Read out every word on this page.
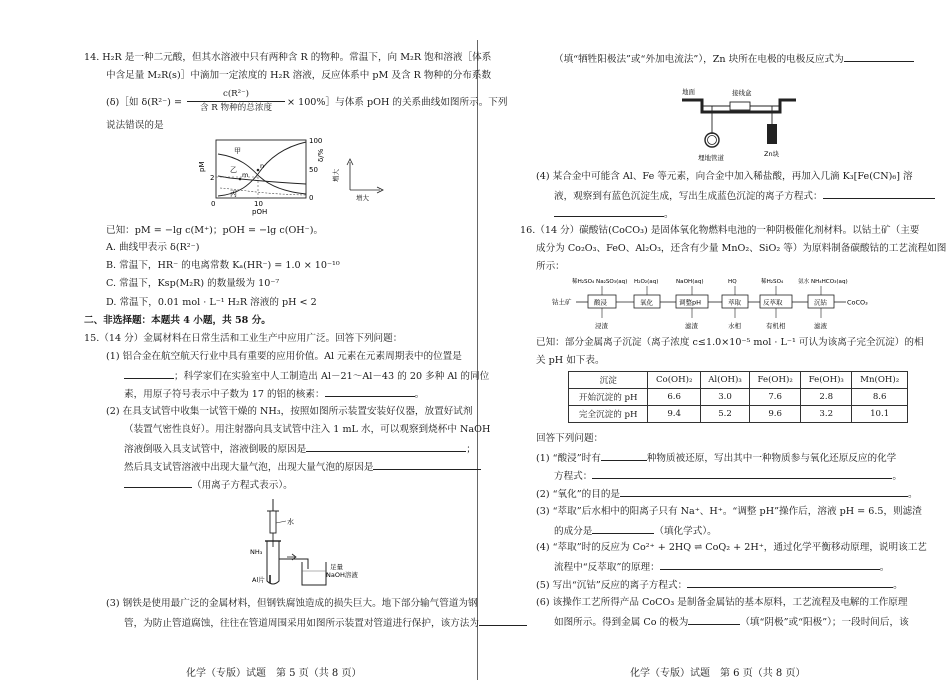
14. H₂R 是一种二元酸，但其水溶液中只有两种含 R 的物种。常温下，向 M₂R 饱和溶液［体系
中含足量 M₂R(s)］中滴加一定浓度的 H₂R 溶液，反应体系中 pM 及含 R 物种的分布系数
(δ)［如 δ(R²⁻) =
c(R²⁻)
含 R 物种的总浓度	× 100%］与体系 pOH 的关系曲线如图所示。下列
说法错误的是
100
50
0
2
0	10
pOH
pM
δ/%
甲
乙
丙
m
n
增大
增大
已知：pM = −lg c(M⁺)；pOH = −lg c(OH⁻)。
A. 曲线甲表示 δ(R²⁻)
B. 常温下，HR⁻ 的电离常数 Kₐ(HR⁻) = 1.0 × 10⁻¹⁰
C. 常温下，Ksp(M₂R) 的数量级为 10⁻⁷
D. 常温下，0.01 mol · L⁻¹ H₂R 溶液的 pH < 2
二、非选择题：本题共 4 小题，共 58 分。
15.（14 分）金属材料在日常生活和工业生产中应用广泛。回答下列问题：
(1) 铝合金在航空航天行业中具有重要的应用价值。Al 元素在元素周期表中的位置是
；科学家们在实验室中人工制造出 Al－21～Al－43 的 20 多种 Al 的同位
素，用原子符号表示中子数为 17 的铝的核素：	。
(2) 在具支试管中收集一试管干燥的 NH₃，按照如图所示装置安装好仪器，放置好试剂
（装置气密性良好）。用注射器向具支试管中注入 1 mL 水，可以观察到烧杯中 NaOH
溶液倒吸入具支试管中，溶液倒吸的原因是	；
然后具支试管溶液中出现大量气泡，出现大量气泡的原因是
（用离子方程式表示）。
水
NH₃
Al片
足量
NaOH溶液
(3) 钢铁是使用最广泛的金属材料，但钢铁腐蚀造成的损失巨大。地下部分输气管道为钢
管，为防止管道腐蚀，往往在管道周围采用如图所示装置对管道进行保护，该方法为
化学（专版）试题　第 5 页（共 8 页）
（填“牺牲阳极法”或“外加电流法”），Zn 块所在电极的电极反应式为
地面	接线盒
埋地管道	Zn块
(4) 某合金中可能含 Al、Fe 等元素，向合金中加入稀盐酸，再加入几滴 K₃[Fe(CN)₆] 溶
液，观察到有蓝色沉淀生成，写出生成蓝色沉淀的离子方程式：
。
16.（14 分）碳酸钴(CoCO₃) 是固体氧化物燃料电池的一种阴极催化剂材料。以钴土矿（主要
成分为 Co₂O₃、FeO、Al₂O₃，还含有少量 MnO₂、SiO₂ 等）为原料制备碳酸钴的工艺流程如图
所示：
钴土矿	酸浸	氧化	调整pH	萃取	反萃取	沉钴	CoCO₃
稀H₂SO₄ Na₂SO₃(aq) H₂O₂(aq)	NaOH(aq)	HQ	稀H₂SO₄	氨水 NH₄HCO₃(aq)
浸渣	滤渣	水相	有机相	滤液
已知：部分金属离子沉淀（离子浓度 c≤1.0×10⁻⁵ mol · L⁻¹ 可认为该离子完全沉淀）的相
关 pH 如下表。
沉淀	Co(OH)₂	Al(OH)₃	Fe(OH)₂	Fe(OH)₃	Mn(OH)₂
开始沉淀的 pH	6.6	3.0	7.6	2.8	8.6
完全沉淀的 pH	9.4	5.2	9.6	3.2	10.1
回答下列问题：
(1) “酸浸”时有	种物质被还原，写出其中一种物质参与氧化还原反应的化学
方程式：	。
(2) “氧化”的目的是	。
(3) “萃取”后水相中的阳离子只有 Na⁺、H⁺。“调整 pH”操作后，溶液 pH = 6.5，则滤渣
的成分是	（填化学式）。
(4) “萃取”时的反应为 Co²⁺ + 2HQ ⇌ CoQ₂ + 2H⁺，通过化学平衡移动原理，说明该工艺
流程中“反萃取”的原理：	。
(5) 写出“沉钴”反应的离子方程式：	。
(6) 该操作工艺所得产品 CoCO₃ 是制备金属钴的基本原料，工艺流程及电解的工作原理
如图所示。得到金属 Co 的极为	（填“阴极”或“阳极”）；一段时间后，该
化学（专版）试题　第 6 页（共 8 页）
